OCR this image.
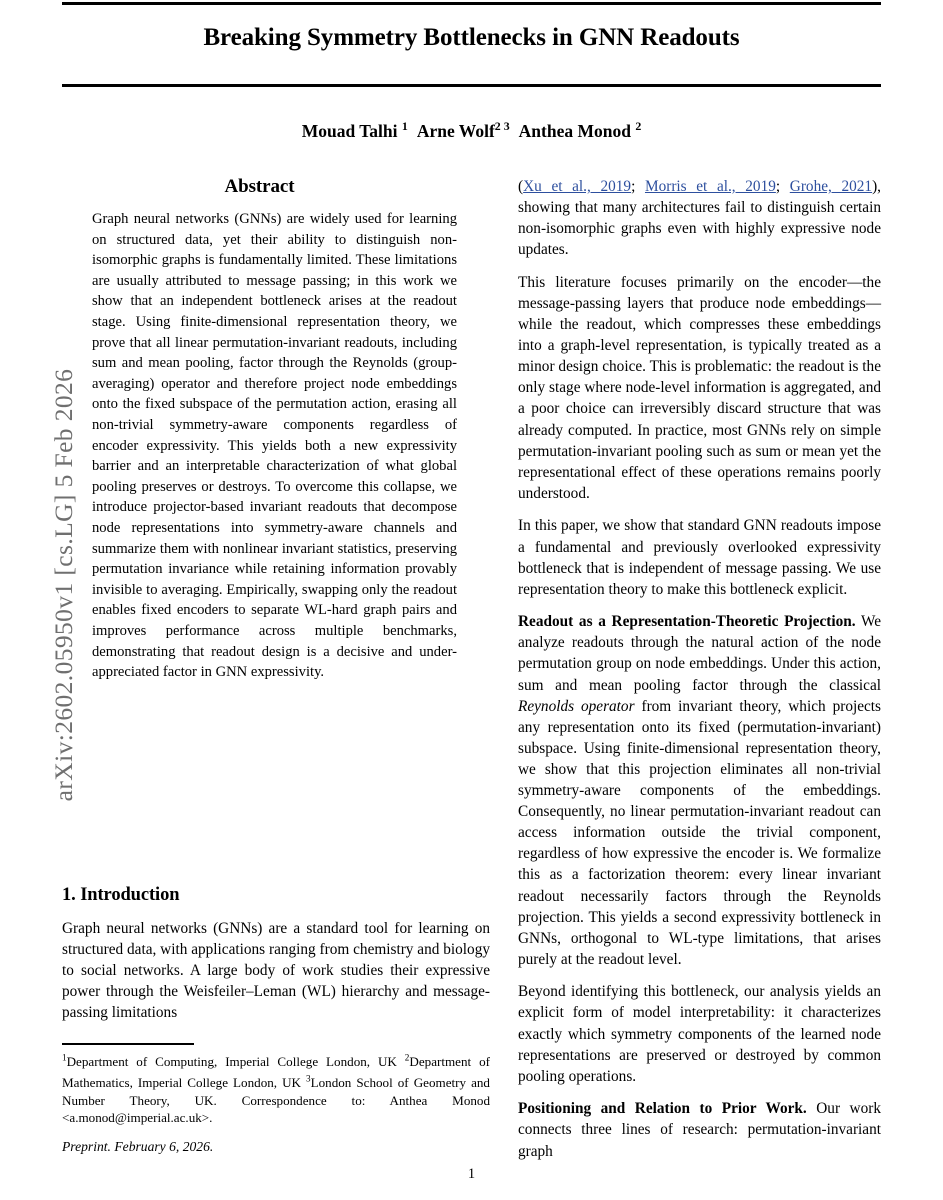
arXiv:2602.05950v1 [cs.LG] 5 Feb 2026
Breaking Symmetry Bottlenecks in GNN Readouts
Mouad Talhi $^1$ Arne Wolf$^{2 3}$ Anthea Monod $^2$
Abstract
Graph neural networks (GNNs) are widely used for learning on structured data, yet their ability to distinguish non-isomorphic graphs is fundamentally limited. These limitations are usually attributed to message passing; in this work we show that an independent bottleneck arises at the readout stage. Using finite-dimensional representation theory, we prove that all linear permutation-invariant readouts, including sum and mean pooling, factor through the Reynolds (group-averaging) operator and therefore project node embeddings onto the fixed subspace of the permutation action, erasing all non-trivial symmetry-aware components regardless of encoder expressivity. This yields both a new expressivity barrier and an interpretable characterization of what global pooling preserves or destroys. To overcome this collapse, we introduce projector-based invariant readouts that decompose node representations into symmetry-aware channels and summarize them with nonlinear invariant statistics, preserving permutation invariance while retaining information provably invisible to averaging. Empirically, swapping only the readout enables fixed encoders to separate WL-hard graph pairs and improves performance across multiple benchmarks, demonstrating that readout design is a decisive and under-appreciated factor in GNN expressivity.
1. Introduction

Graph neural networks (GNNs) are a standard tool for learning on structured data, with applications ranging from chemistry and biology to social networks. A large body of work studies their expressive power through the Weisfeiler–Leman (WL) hierarchy and message-passing limitations

$^1$Department of Computing, Imperial College London, UK $^2$Department of Mathematics, Imperial College London, UK $^3$London School of Geometry and Number Theory, UK. Correspondence to: Anthea Monod <a.monod@imperial.ac.uk>.
Preprint. February 6, 2026.

(Xu et al., 2019; Morris et al., 2019; Grohe, 2021), showing that many architectures fail to distinguish certain non-isomorphic graphs even with highly expressive node updates.

This literature focuses primarily on the encoder—the message-passing layers that produce node embeddings—while the readout, which compresses these embeddings into a graph-level representation, is typically treated as a minor design choice. This is problematic: the readout is the only stage where node-level information is aggregated, and a poor choice can irreversibly discard structure that was already computed. In practice, most GNNs rely on simple permutation-invariant pooling such as sum or mean yet the representational effect of these operations remains poorly understood.

In this paper, we show that standard GNN readouts impose a fundamental and previously overlooked expressivity bottleneck that is independent of message passing. We use representation theory to make this bottleneck explicit.

Readout as a Representation-Theoretic Projection. We analyze readouts through the natural action of the node permutation group on node embeddings. Under this action, sum and mean pooling factor through the classical Reynolds operator from invariant theory, which projects any representation onto its fixed (permutation-invariant) subspace. Using finite-dimensional representation theory, we show that this projection eliminates all non-trivial symmetry-aware components of the embeddings. Consequently, no linear permutation-invariant readout can access information outside the trivial component, regardless of how expressive the encoder is. We formalize this as a factorization theorem: every linear invariant readout necessarily factors through the Reynolds projection. This yields a second expressivity bottleneck in GNNs, orthogonal to WL-type limitations, that arises purely at the readout level.

Beyond identifying this bottleneck, our analysis yields an explicit form of model interpretability: it characterizes exactly which symmetry components of the learned node representations are preserved or destroyed by common pooling operations.

Positioning and Relation to Prior Work. Our work connects three lines of research: permutation-invariant graph

1
